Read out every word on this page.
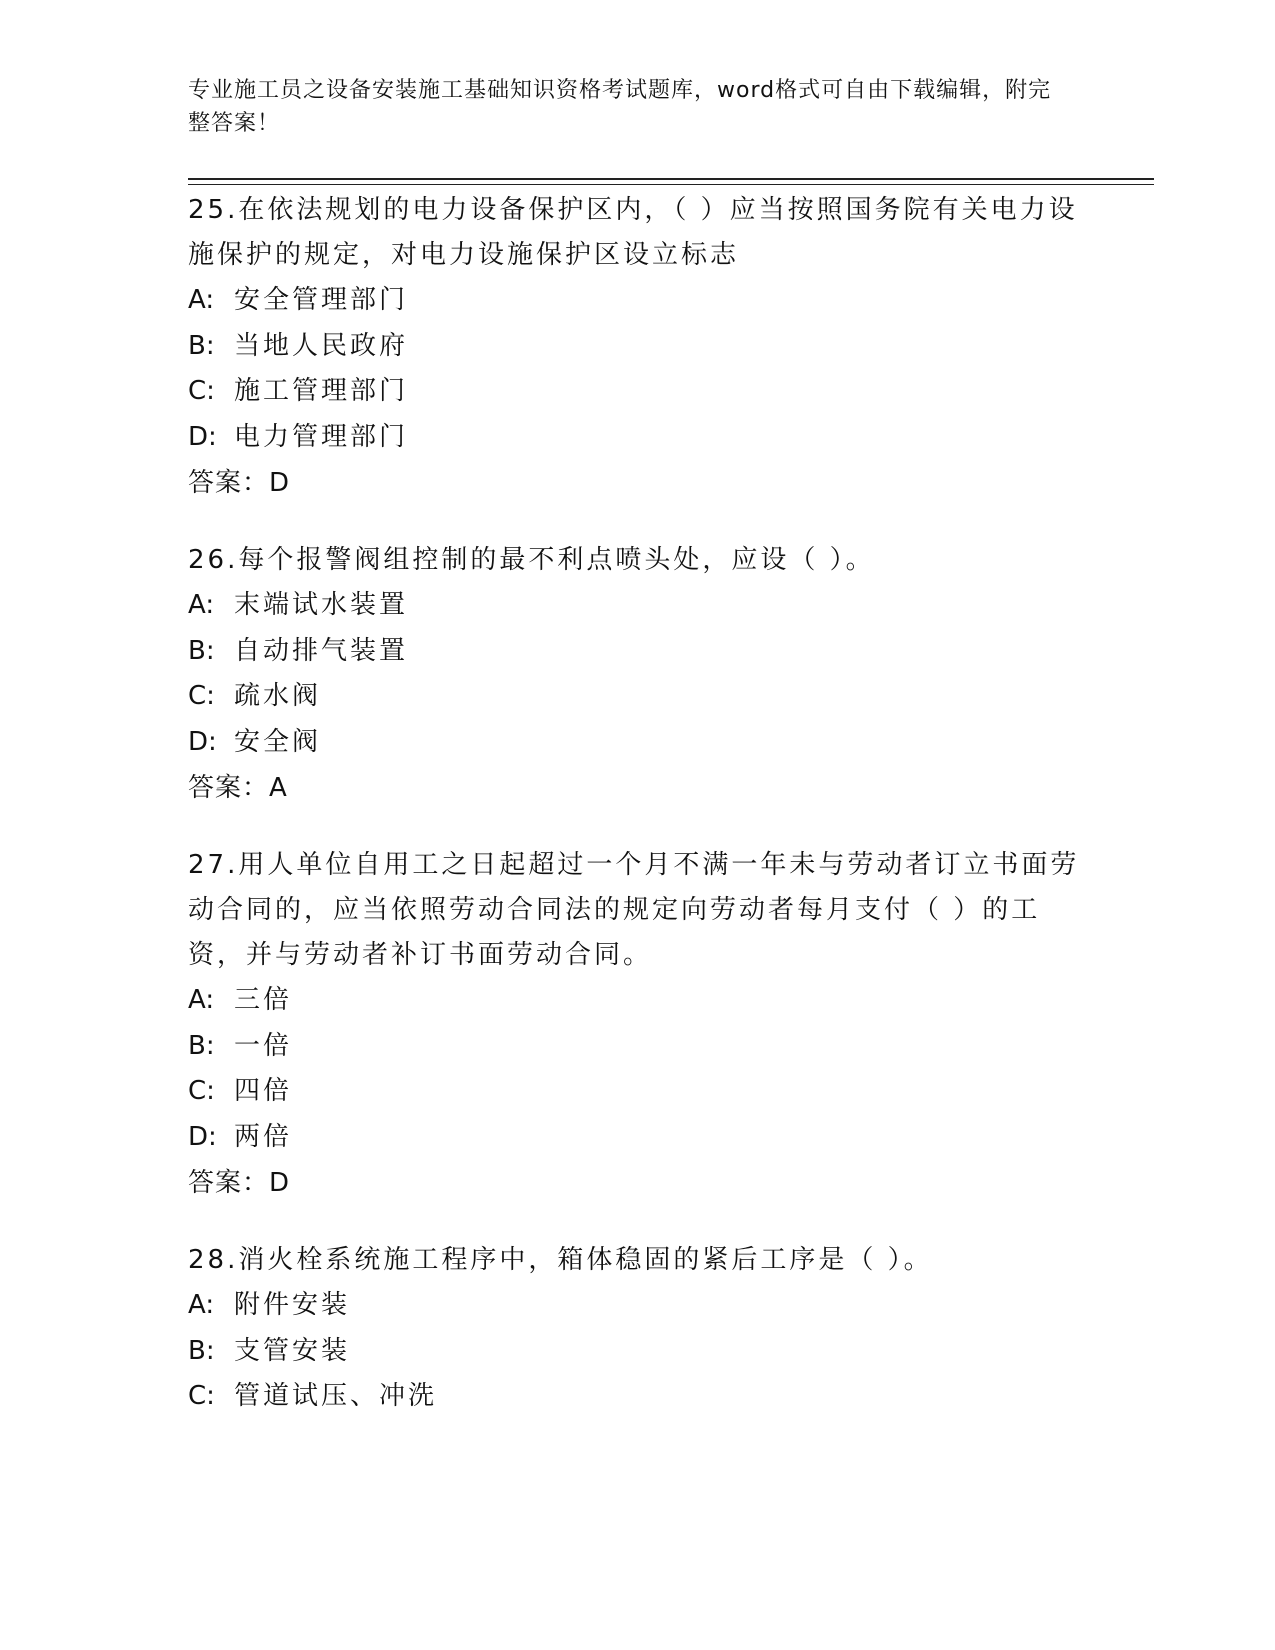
专业施工员之设备安装施工基础知识资格考试题库，word格式可自由下载编辑，附完整答案！

25.在依法规划的电力设备保护区内，（ ）应当按照国务院有关电力设施保护的规定，对电力设施保护区设立标志

A: 安全管理部门

B: 当地人民政府

C: 施工管理部门

D: 电力管理部门

答案：D

26.每个报警阀组控制的最不利点喷头处，应设（ ）。

A: 末端试水装置

B: 自动排气装置

C: 疏水阀

D: 安全阀

答案：A

27.用人单位自用工之日起超过一个月不满一年未与劳动者订立书面劳动合同的，应当依照劳动合同法的规定向劳动者每月支付（ ）的工资，并与劳动者补订书面劳动合同。

A: 三倍

B: 一倍

C: 四倍

D: 两倍

答案：D

28.消火栓系统施工程序中，箱体稳固的紧后工序是（ ）。

A: 附件安装

B: 支管安装

C: 管道试压、冲洗
